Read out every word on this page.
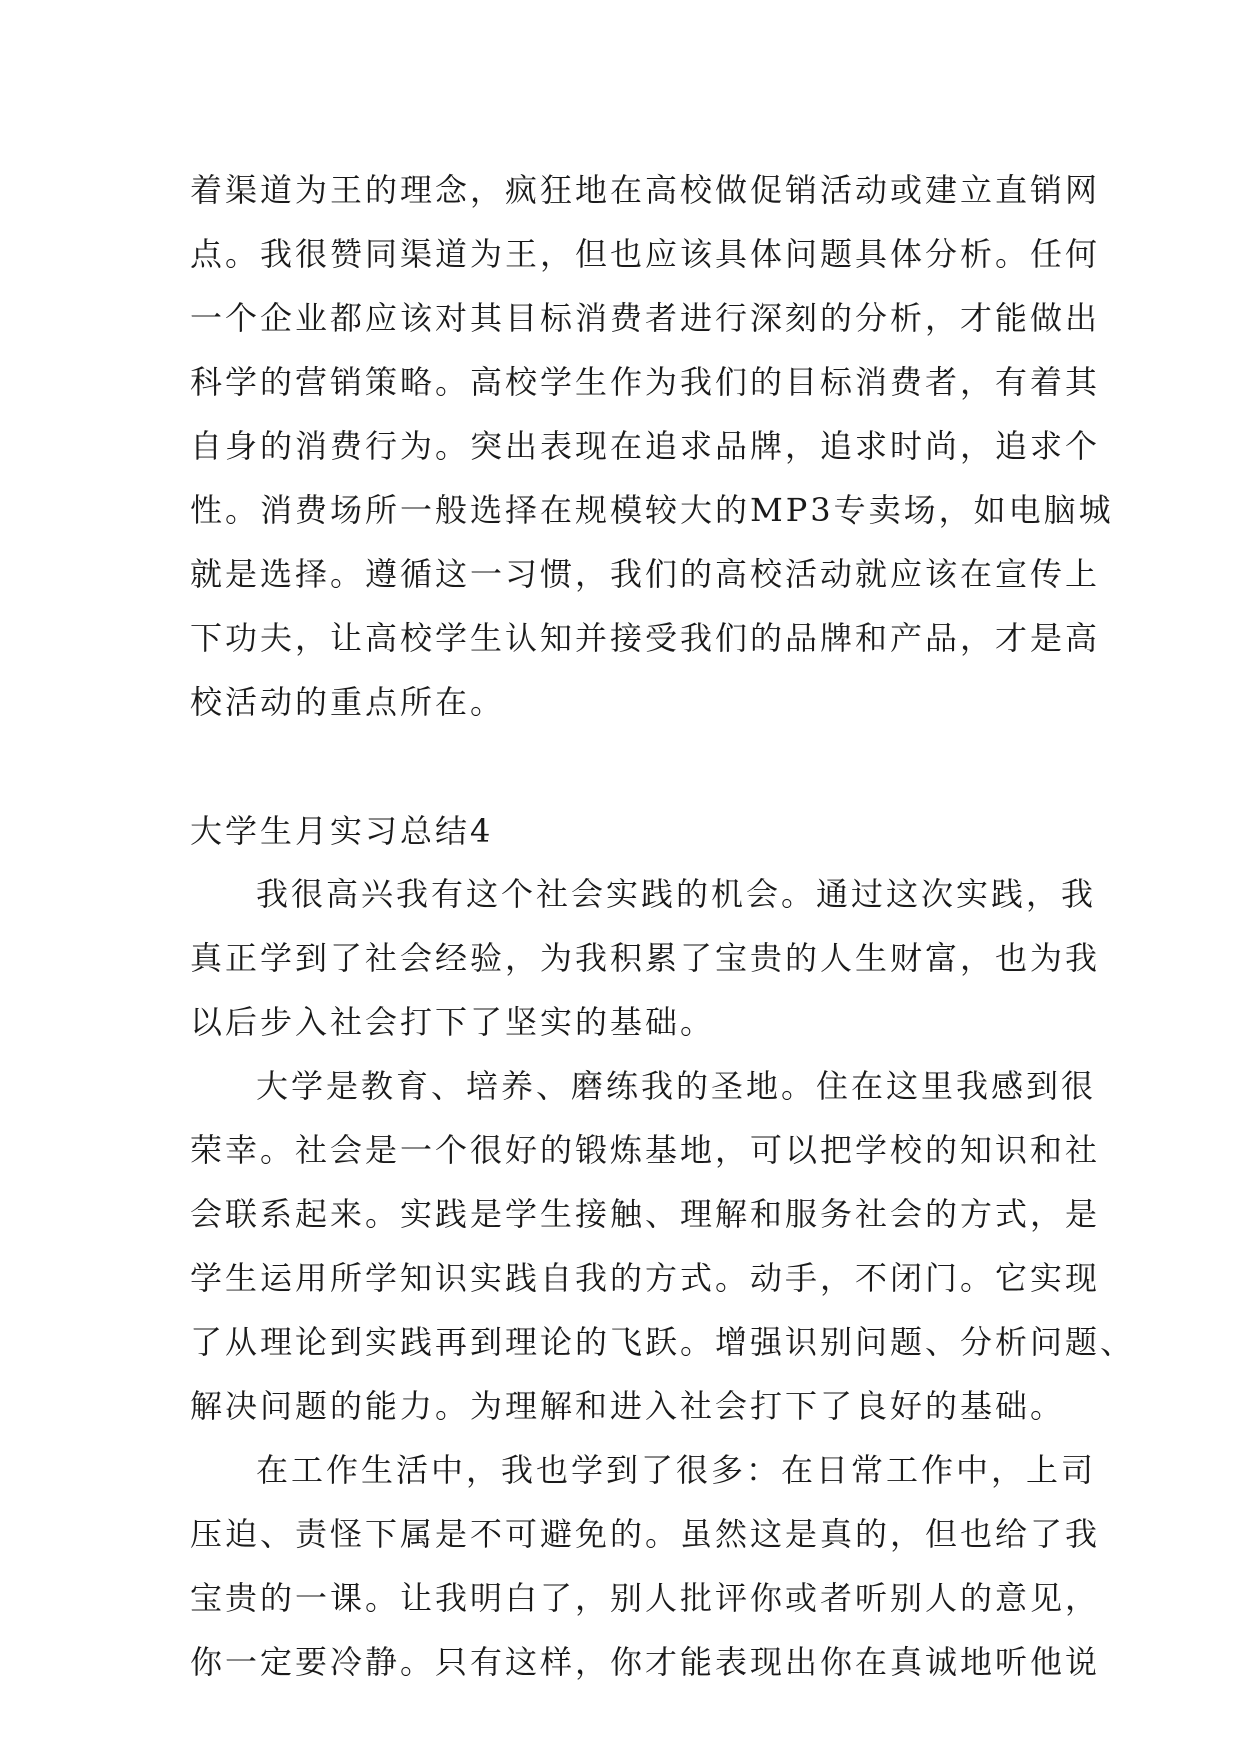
着渠道为王的理念，疯狂地在高校做促销活动或建立直销网
点。我很赞同渠道为王，但也应该具体问题具体分析。任何
一个企业都应该对其目标消费者进行深刻的分析，才能做出
科学的营销策略。高校学生作为我们的目标消费者，有着其
自身的消费行为。突出表现在追求品牌，追求时尚，追求个
性。消费场所一般选择在规模较大的MP3专卖场，如电脑城
就是选择。遵循这一习惯，我们的高校活动就应该在宣传上
下功夫，让高校学生认知并接受我们的品牌和产品，才是高
校活动的重点所在。
大学生月实习总结4
我很高兴我有这个社会实践的机会。通过这次实践，我
真正学到了社会经验，为我积累了宝贵的人生财富，也为我
以后步入社会打下了坚实的基础。
大学是教育、培养、磨练我的圣地。住在这里我感到很
荣幸。社会是一个很好的锻炼基地，可以把学校的知识和社
会联系起来。实践是学生接触、理解和服务社会的方式，是
学生运用所学知识实践自我的方式。动手，不闭门。它实现
了从理论到实践再到理论的飞跃。增强识别问题、分析问题、
解决问题的能力。为理解和进入社会打下了良好的基础。
在工作生活中，我也学到了很多：在日常工作中，上司
压迫、责怪下属是不可避免的。虽然这是真的，但也给了我
宝贵的一课。让我明白了，别人批评你或者听别人的意见，
你一定要冷静。只有这样，你才能表现出你在真诚地听他说
